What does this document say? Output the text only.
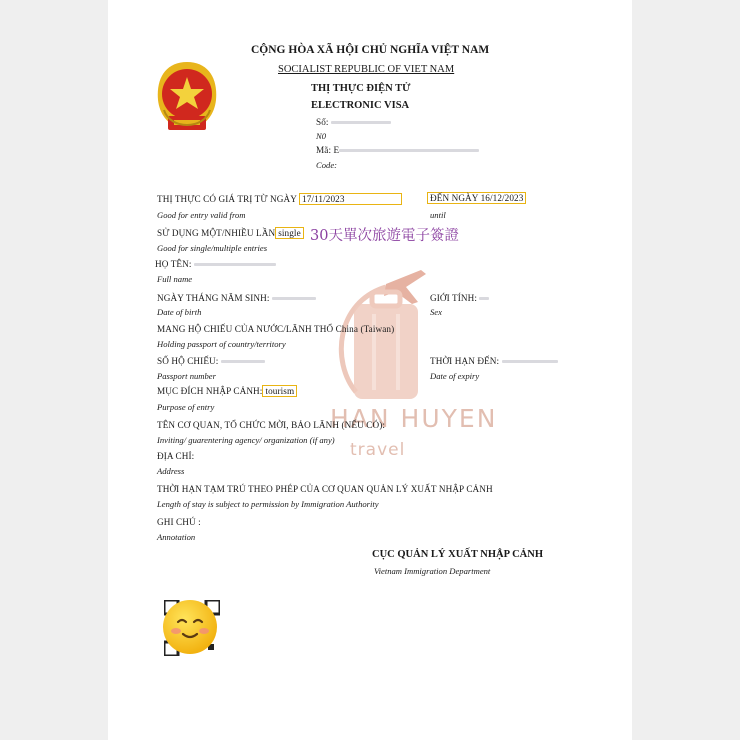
HAN HUYEN
travel
CỘNG HÒA XÃ HỘI CHỦ NGHĨA VIỆT NAM
SOCIALIST REPUBLIC OF VIET NAM
THỊ THỰC ĐIỆN TỬ
ELECTRONIC VISA
Số:
N0
Mã: E
Code:
THỊ THỰC CÓ GIÁ TRỊ TỪ NGÀY 17/11/2023	ĐẾN NGÀY 16/12/2023
Good for entry valid from	until
SỬ DỤNG MỘT/NHIỀU LẦN single 30天單次旅遊電子簽證
Good for single/multiple entries
HỌ TÊN:
Full name
NGÀY THÁNG NĂM SINH:	GIỚI TÍNH:
Date of birth	Sex
MANG HỘ CHIẾU CỦA NƯỚC/LÃNH THỔ China (Taiwan)
Holding passport of country/territory
SỐ HỘ CHIẾU:	THỜI HẠN ĐẾN:
Passport number	Date of expiry
MỤC ĐÍCH NHẬP CẢNH: tourism
Purpose of entry
TÊN CƠ QUAN, TỔ CHỨC MỜI, BẢO LÃNH (NẾU CÓ):
Inviting/ guarentering agency/ organization (if any)
ĐỊA CHỈ:
Address
THỜI HẠN TẠM TRÚ THEO PHÉP CỦA CƠ QUAN QUẢN LÝ XUẤT NHẬP CẢNH
Length of stay is subject to permission by Immigration Authority
GHI CHÚ :
Annotation
CỤC QUẢN LÝ XUẤT NHẬP CẢNH
Vietnam Immigration Department
